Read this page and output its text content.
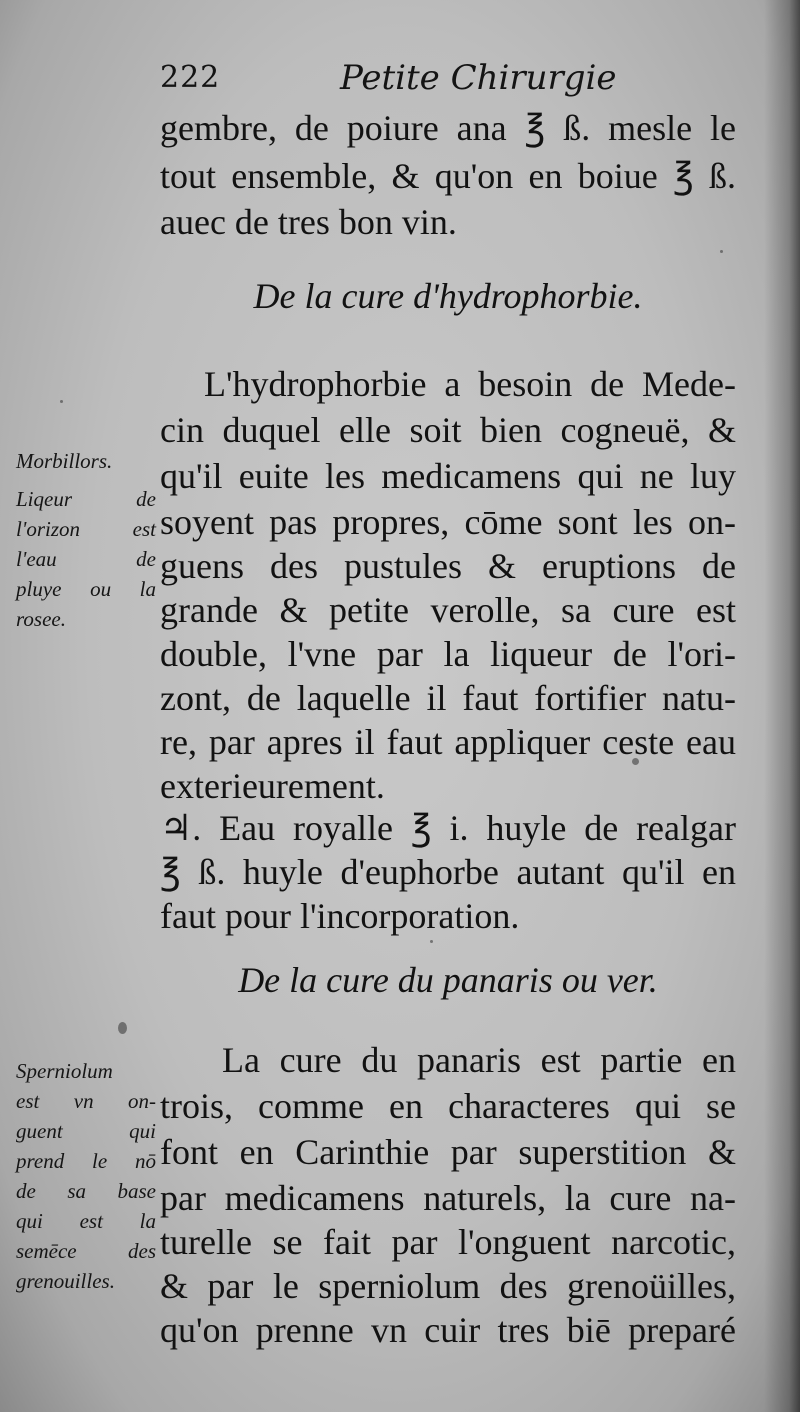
222	Petite Chirurgie
gembre, de poiure ana ℥ ß. mesle le
tout ensemble, & qu'on en boiue ℥ ß.
auec de tres bon vin.
De la cure d'hydrophorbie.
L'hydrophorbie a besoin de Mede-
cin duquel elle soit bien cogneuë, &
qu'il euite les medicamens qui ne luy
soyent pas propres, cōme sont les on-
guens des pustules & eruptions de
grande & petite verolle, sa cure est
double, l'vne par la liqueur de l'ori-
zont, de laquelle il faut fortifier natu-
re, par apres il faut appliquer ceste eau
exterieurement.
♃. Eau royalle ℥ i. huyle de realgar
℥ ß. huyle d'euphorbe autant qu'il en
faut pour l'incorporation.
Morbillors.
Liqeur de
l'orizon est
l'eau de
pluye ou la
rosee.
De la cure du panaris ou ver.
La cure du panaris est partie en
trois, comme en characteres qui se
font en Carinthie par superstition &
par medicamens naturels, la cure na-
turelle se fait par l'onguent narcotic,
& par le sperniolum des grenoüilles,
qu'on prenne vn cuir tres biē preparé
Sperniolum
est vn on-
guent qui
prend le nō
de sa base
qui est la
semēce des
grenouilles.
